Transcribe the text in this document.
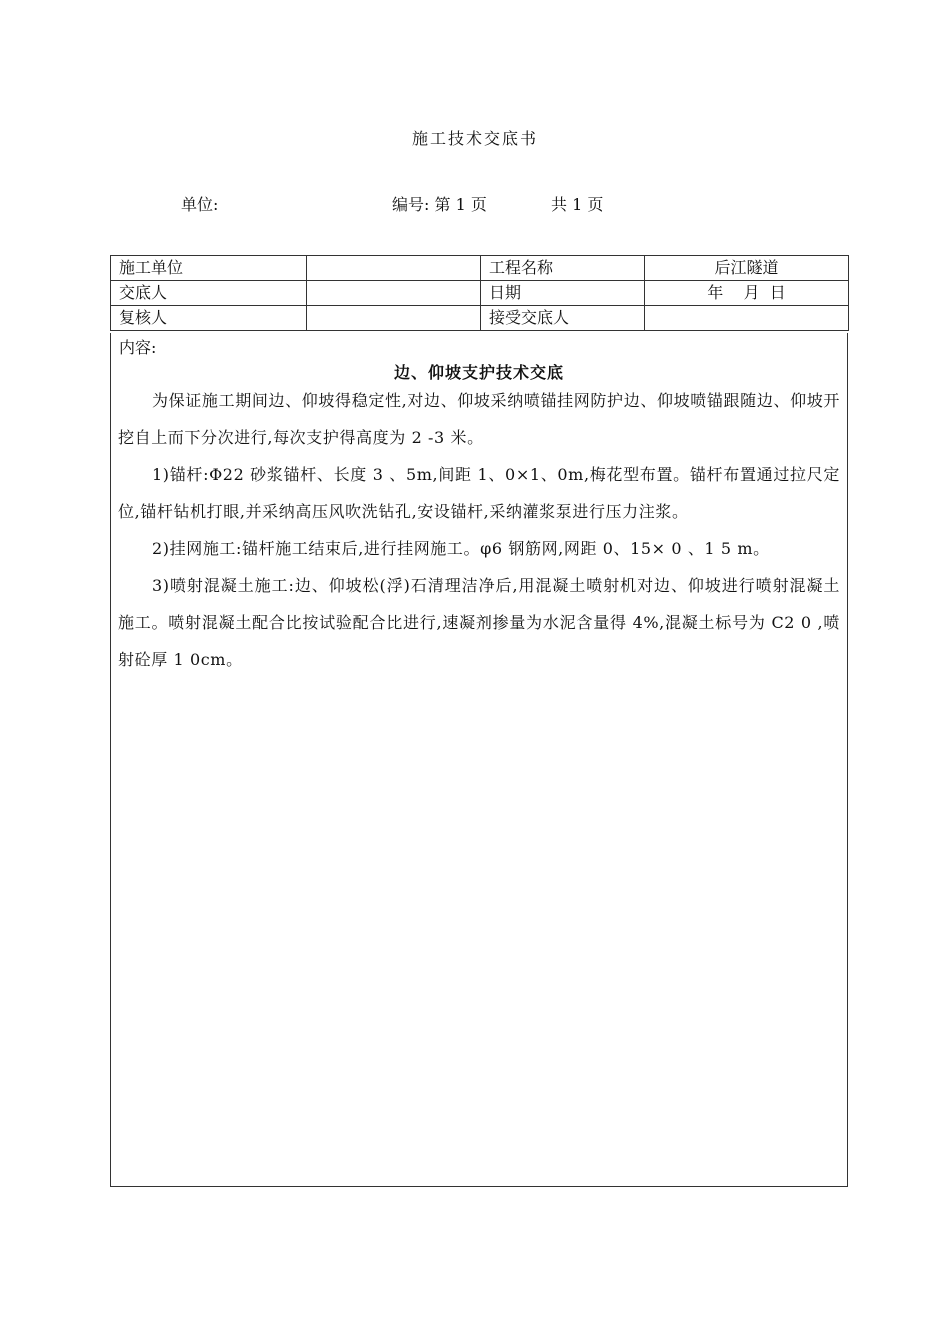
施工技术交底书
单位:	编号: 第 1 页	共 1 页
施工单位		工程名称	后江隧道
交底人		日期	年    月  日
复核人		接受交底人	
内容:
边、仰坡支护技术交底

为保证施工期间边、仰坡得稳定性,对边、仰坡采纳喷锚挂网防护边、仰坡喷锚跟随边、仰坡开挖自上而下分次进行,每次支护得高度为 2 -3 米。

1)锚杆:Φ22 砂浆锚杆、长度 3 、5m,间距 1、0×1、0m,梅花型布置。锚杆布置通过拉尺定位,锚杆钻机打眼,并采纳高压风吹洗钻孔,安设锚杆,采纳灌浆泵进行压力注浆。

2)挂网施工:锚杆施工结束后,进行挂网施工。φ6 钢筋网,网距 0、15× 0 、1 5 m。

3)喷射混凝土施工:边、仰坡松(浮)石清理洁净后,用混凝土喷射机对边、仰坡进行喷射混凝土施工。喷射混凝土配合比按试验配合比进行,速凝剂掺量为水泥含量得 4%,混凝土标号为 C2 0 ,喷射砼厚 1 0cm。
